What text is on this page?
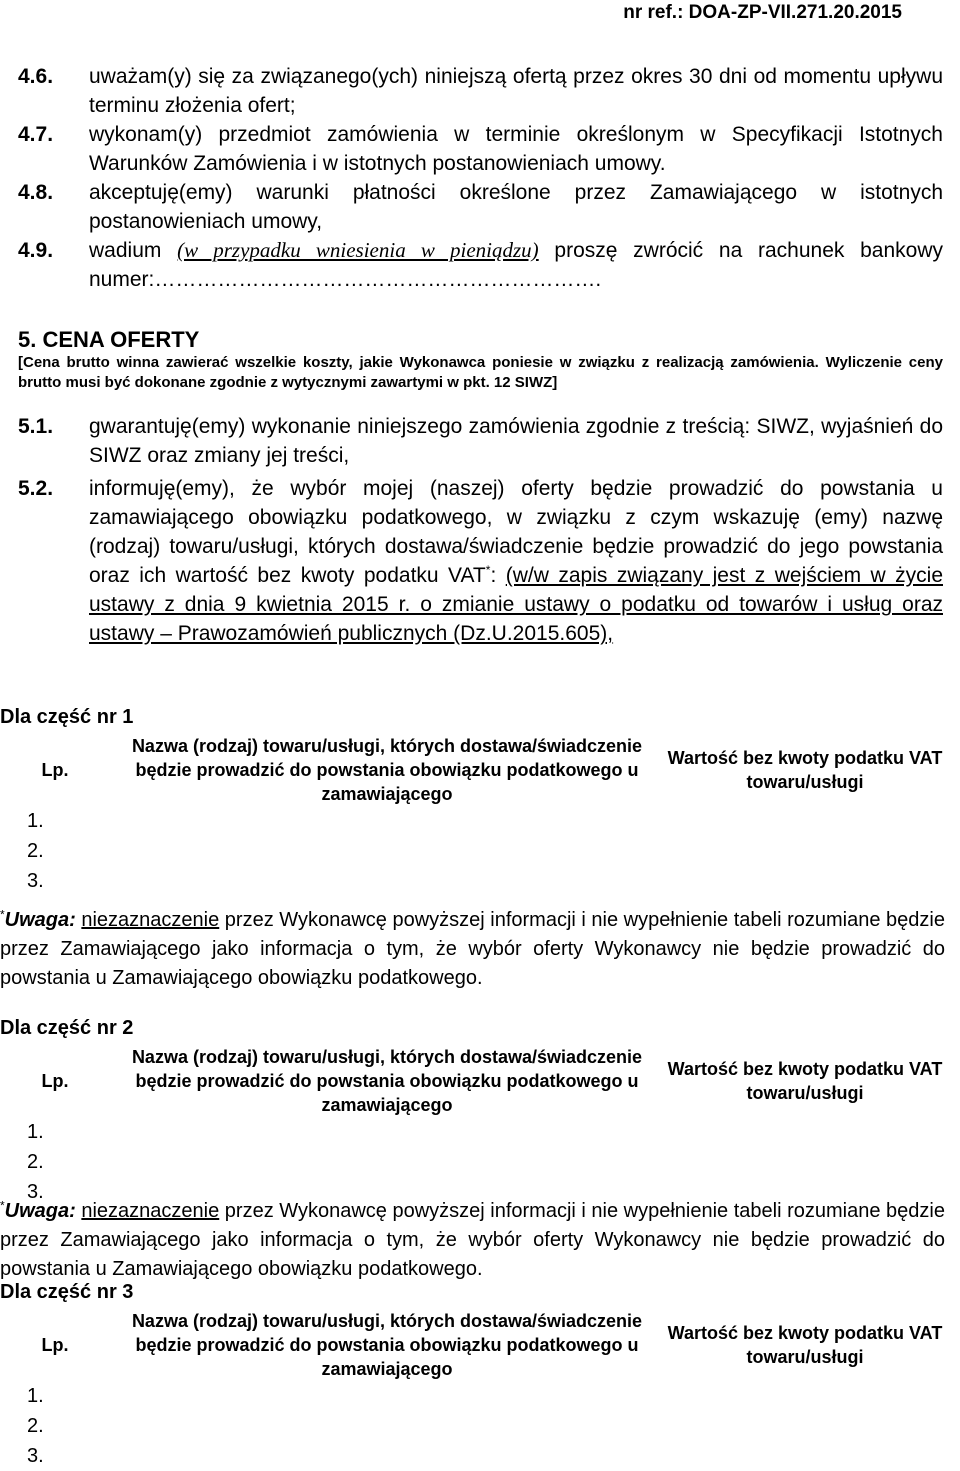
nr ref.: DOA-ZP-VII.271.20.2015
4.6. uważam(y) się za związanego(ych) niniejszą ofertą przez okres 30 dni od momentu upływu terminu złożenia ofert;
4.7. wykonam(y) przedmiot zamówienia w terminie określonym w Specyfikacji Istotnych Warunków Zamówienia i w istotnych postanowieniach umowy.
4.8. akceptuję(emy) warunki płatności określone przez Zamawiającego w istotnych postanowieniach umowy,
4.9. wadium (w przypadku wniesienia w pieniądzu) proszę zwrócić na rachunek bankowy numer:……………………………………………………….
5. CENA OFERTY
[Cena brutto winna zawierać wszelkie koszty, jakie Wykonawca poniesie w związku z realizacją zamówienia. Wyliczenie ceny brutto musi być dokonane zgodnie z wytycznymi zawartymi w pkt. 12 SIWZ]
5.1. gwarantuję(emy) wykonanie niniejszego zamówienia zgodnie z treścią: SIWZ, wyjaśnień do SIWZ oraz zmiany jej treści,
5.2. informuję(emy), że wybór mojej (naszej) oferty będzie prowadzić do powstania u zamawiającego obowiązku podatkowego, w związku z czym wskazuję (emy) nazwę (rodzaj) towaru/usługi, których dostawa/świadczenie będzie prowadzić do jego powstania oraz ich wartość bez kwoty podatku VAT*: (w/w zapis związany jest z wejściem w życie ustawy z dnia 9 kwietnia 2015 r. o zmianie ustawy o podatku od towarów i usług oraz ustawy – Prawozamówień publicznych (Dz.U.2015.605),
Dla część nr 1
Lp.	Nazwa (rodzaj) towaru/usługi, których dostawa/świadczenie będzie prowadzić do powstania obowiązku podatkowego u zamawiającego	Wartość bez kwoty podatku VAT towaru/usługi
1.		
2.		
3.		
*Uwaga: niezaznaczenie przez Wykonawcę powyższej informacji i nie wypełnienie tabeli rozumiane będzie przez Zamawiającego jako informacja o tym, że wybór oferty Wykonawcy nie będzie prowadzić do powstania u Zamawiającego obowiązku podatkowego.
Dla część nr 2
Lp.	Nazwa (rodzaj) towaru/usługi, których dostawa/świadczenie będzie prowadzić do powstania obowiązku podatkowego u zamawiającego	Wartość bez kwoty podatku VAT towaru/usługi
1.		
2.		
3.		
*Uwaga: niezaznaczenie przez Wykonawcę powyższej informacji i nie wypełnienie tabeli rozumiane będzie przez Zamawiającego jako informacja o tym, że wybór oferty Wykonawcy nie będzie prowadzić do powstania u Zamawiającego obowiązku podatkowego.
Dla część nr 3
Lp.	Nazwa (rodzaj) towaru/usługi, których dostawa/świadczenie będzie prowadzić do powstania obowiązku podatkowego u zamawiającego	Wartość bez kwoty podatku VAT towaru/usługi
1.		
2.		
3.		
